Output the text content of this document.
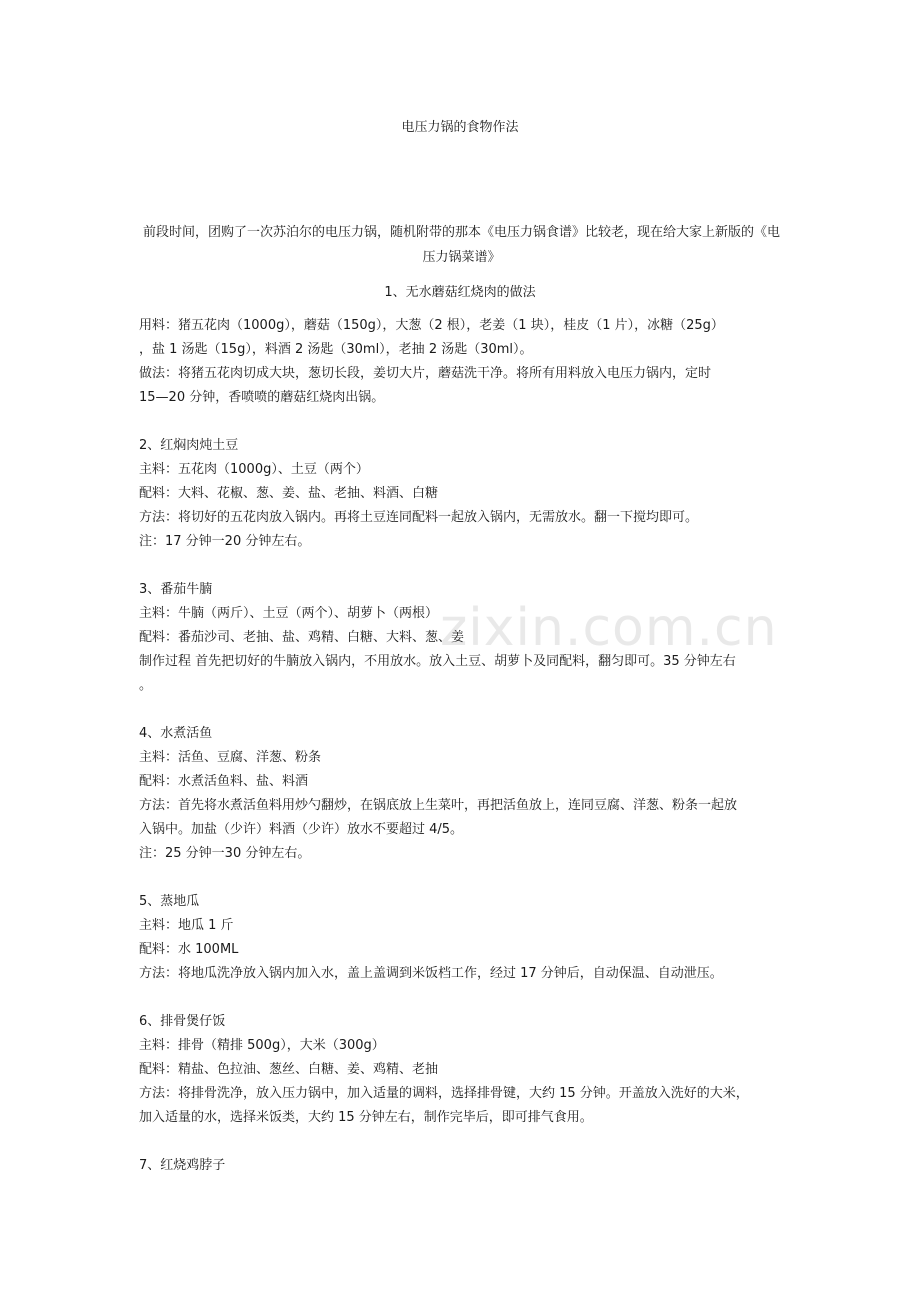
zixin.com.cn
电压力锅的食物作法
前段时间，团购了一次苏泊尔的电压力锅，随机附带的那本《电压力锅食谱》比较老，现在给大家上新版的《电压力锅菜谱》
1、无水蘑菇红烧肉的做法
用料：猪五花肉（1000g），蘑菇（150g），大葱（2 根），老姜（1 块），桂皮（1 片），冰糖（25g）
，盐 1 汤匙（15g），料酒 2 汤匙（30ml），老抽 2 汤匙（30ml）。
做法：将猪五花肉切成大块，葱切长段，姜切大片，蘑菇洗干净。将所有用料放入电压力锅内，定时
15—20 分钟，香喷喷的蘑菇红烧肉出锅。
2、红焖肉炖土豆
主料：五花肉（1000g）、土豆（两个）
配料：大料、花椒、葱、姜、盐、老抽、料酒、白糖
方法：将切好的五花肉放入锅内。再将土豆连同配料一起放入锅内，无需放水。翻一下搅均即可。
注：17 分钟一20 分钟左右。
3、番茄牛腩
主料：牛腩（两斤）、土豆（两个）、胡萝卜（两根）
配料：番茄沙司、老抽、盐、鸡精、白糖、大料、葱、姜
制作过程 首先把切好的牛腩放入锅内，不用放水。放入土豆、胡萝卜及同配料，翻匀即可。35 分钟左右
。
4、水煮活鱼
主料：活鱼、豆腐、洋葱、粉条
配料：水煮活鱼料、盐、料酒
方法：首先将水煮活鱼料用炒勺翻炒，在锅底放上生菜叶，再把活鱼放上，连同豆腐、洋葱、粉条一起放
入锅中。加盐（少许）料酒（少许）放水不要超过 4/5。
注：25 分钟一30 分钟左右。
5、蒸地瓜
主料：地瓜 1 斤
配料：水 100ML
方法：将地瓜洗净放入锅内加入水，盖上盖调到米饭档工作，经过 17 分钟后，自动保温、自动泄压。
6、排骨煲仔饭
主料：排骨（精排 500g），大米（300g）
配料：精盐、色拉油、葱丝、白糖、姜、鸡精、老抽
方法：将排骨洗净，放入压力锅中，加入适量的调料，选择排骨键，大约 15 分钟。开盖放入洗好的大米，
加入适量的水，选择米饭类，大约 15 分钟左右，制作完毕后，即可排气食用。
7、红烧鸡脖子
